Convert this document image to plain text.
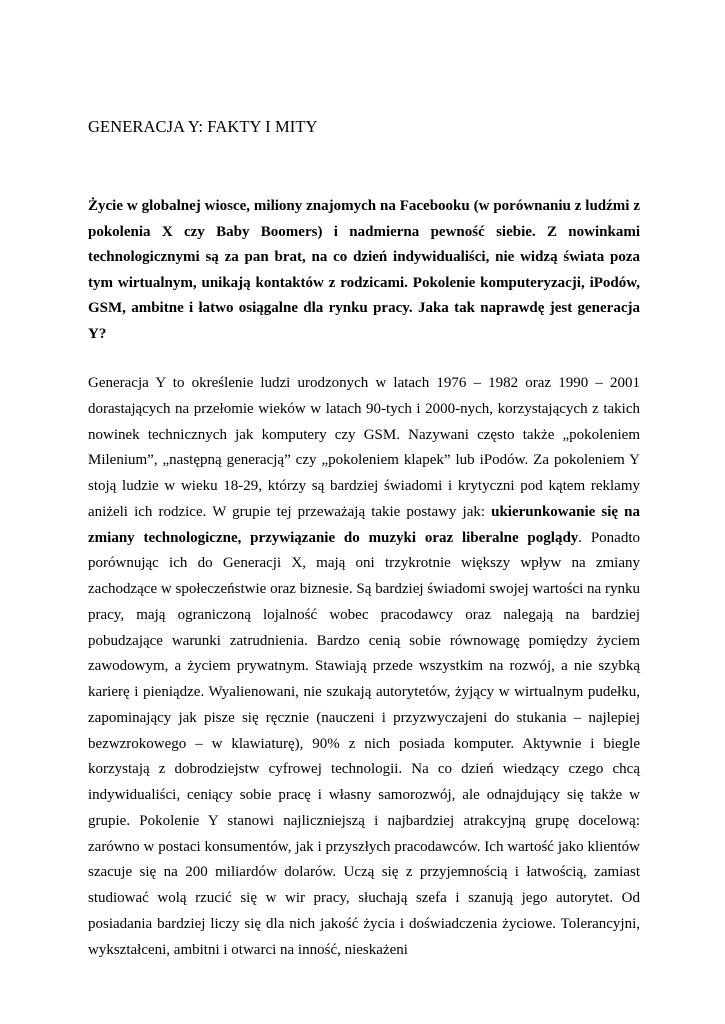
GENERACJA Y: FAKTY I MITY

Życie w globalnej wiosce, miliony znajomych na Facebooku (w porównaniu z ludźmi z pokolenia X czy Baby Boomers) i nadmierna pewność siebie. Z nowinkami technologicznymi są za pan brat, na co dzień indywidualiści, nie widzą świata poza tym wirtualnym, unikają kontaktów z rodzicami. Pokolenie komputeryzacji, iPodów, GSM, ambitne i łatwo osiągalne dla rynku pracy. Jaka tak naprawdę jest generacja Y?

Generacja Y to określenie ludzi urodzonych w latach 1976 – 1982 oraz 1990 – 2001 dorastających na przełomie wieków w latach 90-tych i 2000-nych, korzystających z takich nowinek technicznych jak komputery czy GSM. Nazywani często także „pokoleniem Milenium”, „następną generacją” czy „pokoleniem klapek” lub iPodów. Za pokoleniem Y stoją ludzie w wieku 18-29, którzy są bardziej świadomi i krytyczni pod kątem reklamy aniżeli ich rodzice. W grupie tej przeważają takie postawy jak: ukierunkowanie się na zmiany technologiczne, przywiązanie do muzyki oraz liberalne poglądy. Ponadto porównując ich do Generacji X, mają oni trzykrotnie większy wpływ na zmiany zachodzące w społeczeństwie oraz biznesie. Są bardziej świadomi swojej wartości na rynku pracy, mają ograniczoną lojalność wobec pracodawcy oraz nalegają na bardziej pobudzające warunki zatrudnienia. Bardzo cenią sobie równowagę pomiędzy życiem zawodowym, a życiem prywatnym. Stawiają przede wszystkim na rozwój, a nie szybką karierę i pieniądze. Wyalienowani, nie szukają autorytetów, żyjący w wirtualnym pudełku, zapominający jak pisze się ręcznie (nauczeni i przyzwyczajeni do stukania – najlepiej bezwzrokowego – w klawiaturę), 90% z nich posiada komputer. Aktywnie i biegle korzystają z dobrodziejstw cyfrowej technologii. Na co dzień wiedzący czego chcą indywidualiści, ceniący sobie pracę i własny samorozwój, ale odnajdujący się także w grupie. Pokolenie Y stanowi najliczniejszą i najbardziej atrakcyjną grupę docelową: zarówno w postaci konsumentów, jak i przyszłych pracodawców. Ich wartość jako klientów szacuje się na 200 miliardów dolarów. Uczą się z przyjemnością i łatwością, zamiast studiować wolą rzucić się w wir pracy, słuchają szefa i szanują jego autorytet. Od posiadania bardziej liczy się dla nich jakość życia i doświadczenia życiowe. Tolerancyjni, wykształceni, ambitni i otwarci na inność, nieskażeni
